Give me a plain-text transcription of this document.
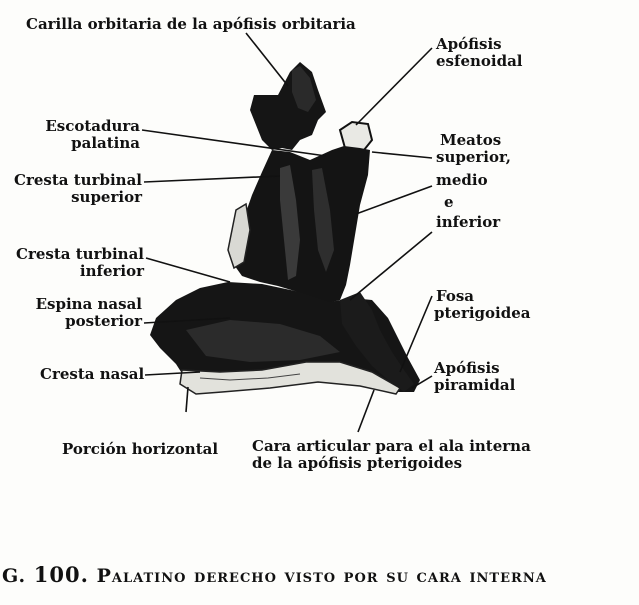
Carilla orbitaria de la apófisis orbitaria
Apófisis
esfenoidal
Escotadura
palatina	Meatos
superior,
medio
e
inferior
Cresta turbinal
superior
Cresta turbinal
inferior
Espina nasal
posterior
Fosa
pterigoidea
Cresta nasal	Apófisis
piramidal
Porción horizontal Cara articular para el ala interna
de la apófisis pterigoides
G. 100. Palatino derecho visto por su cara interna
